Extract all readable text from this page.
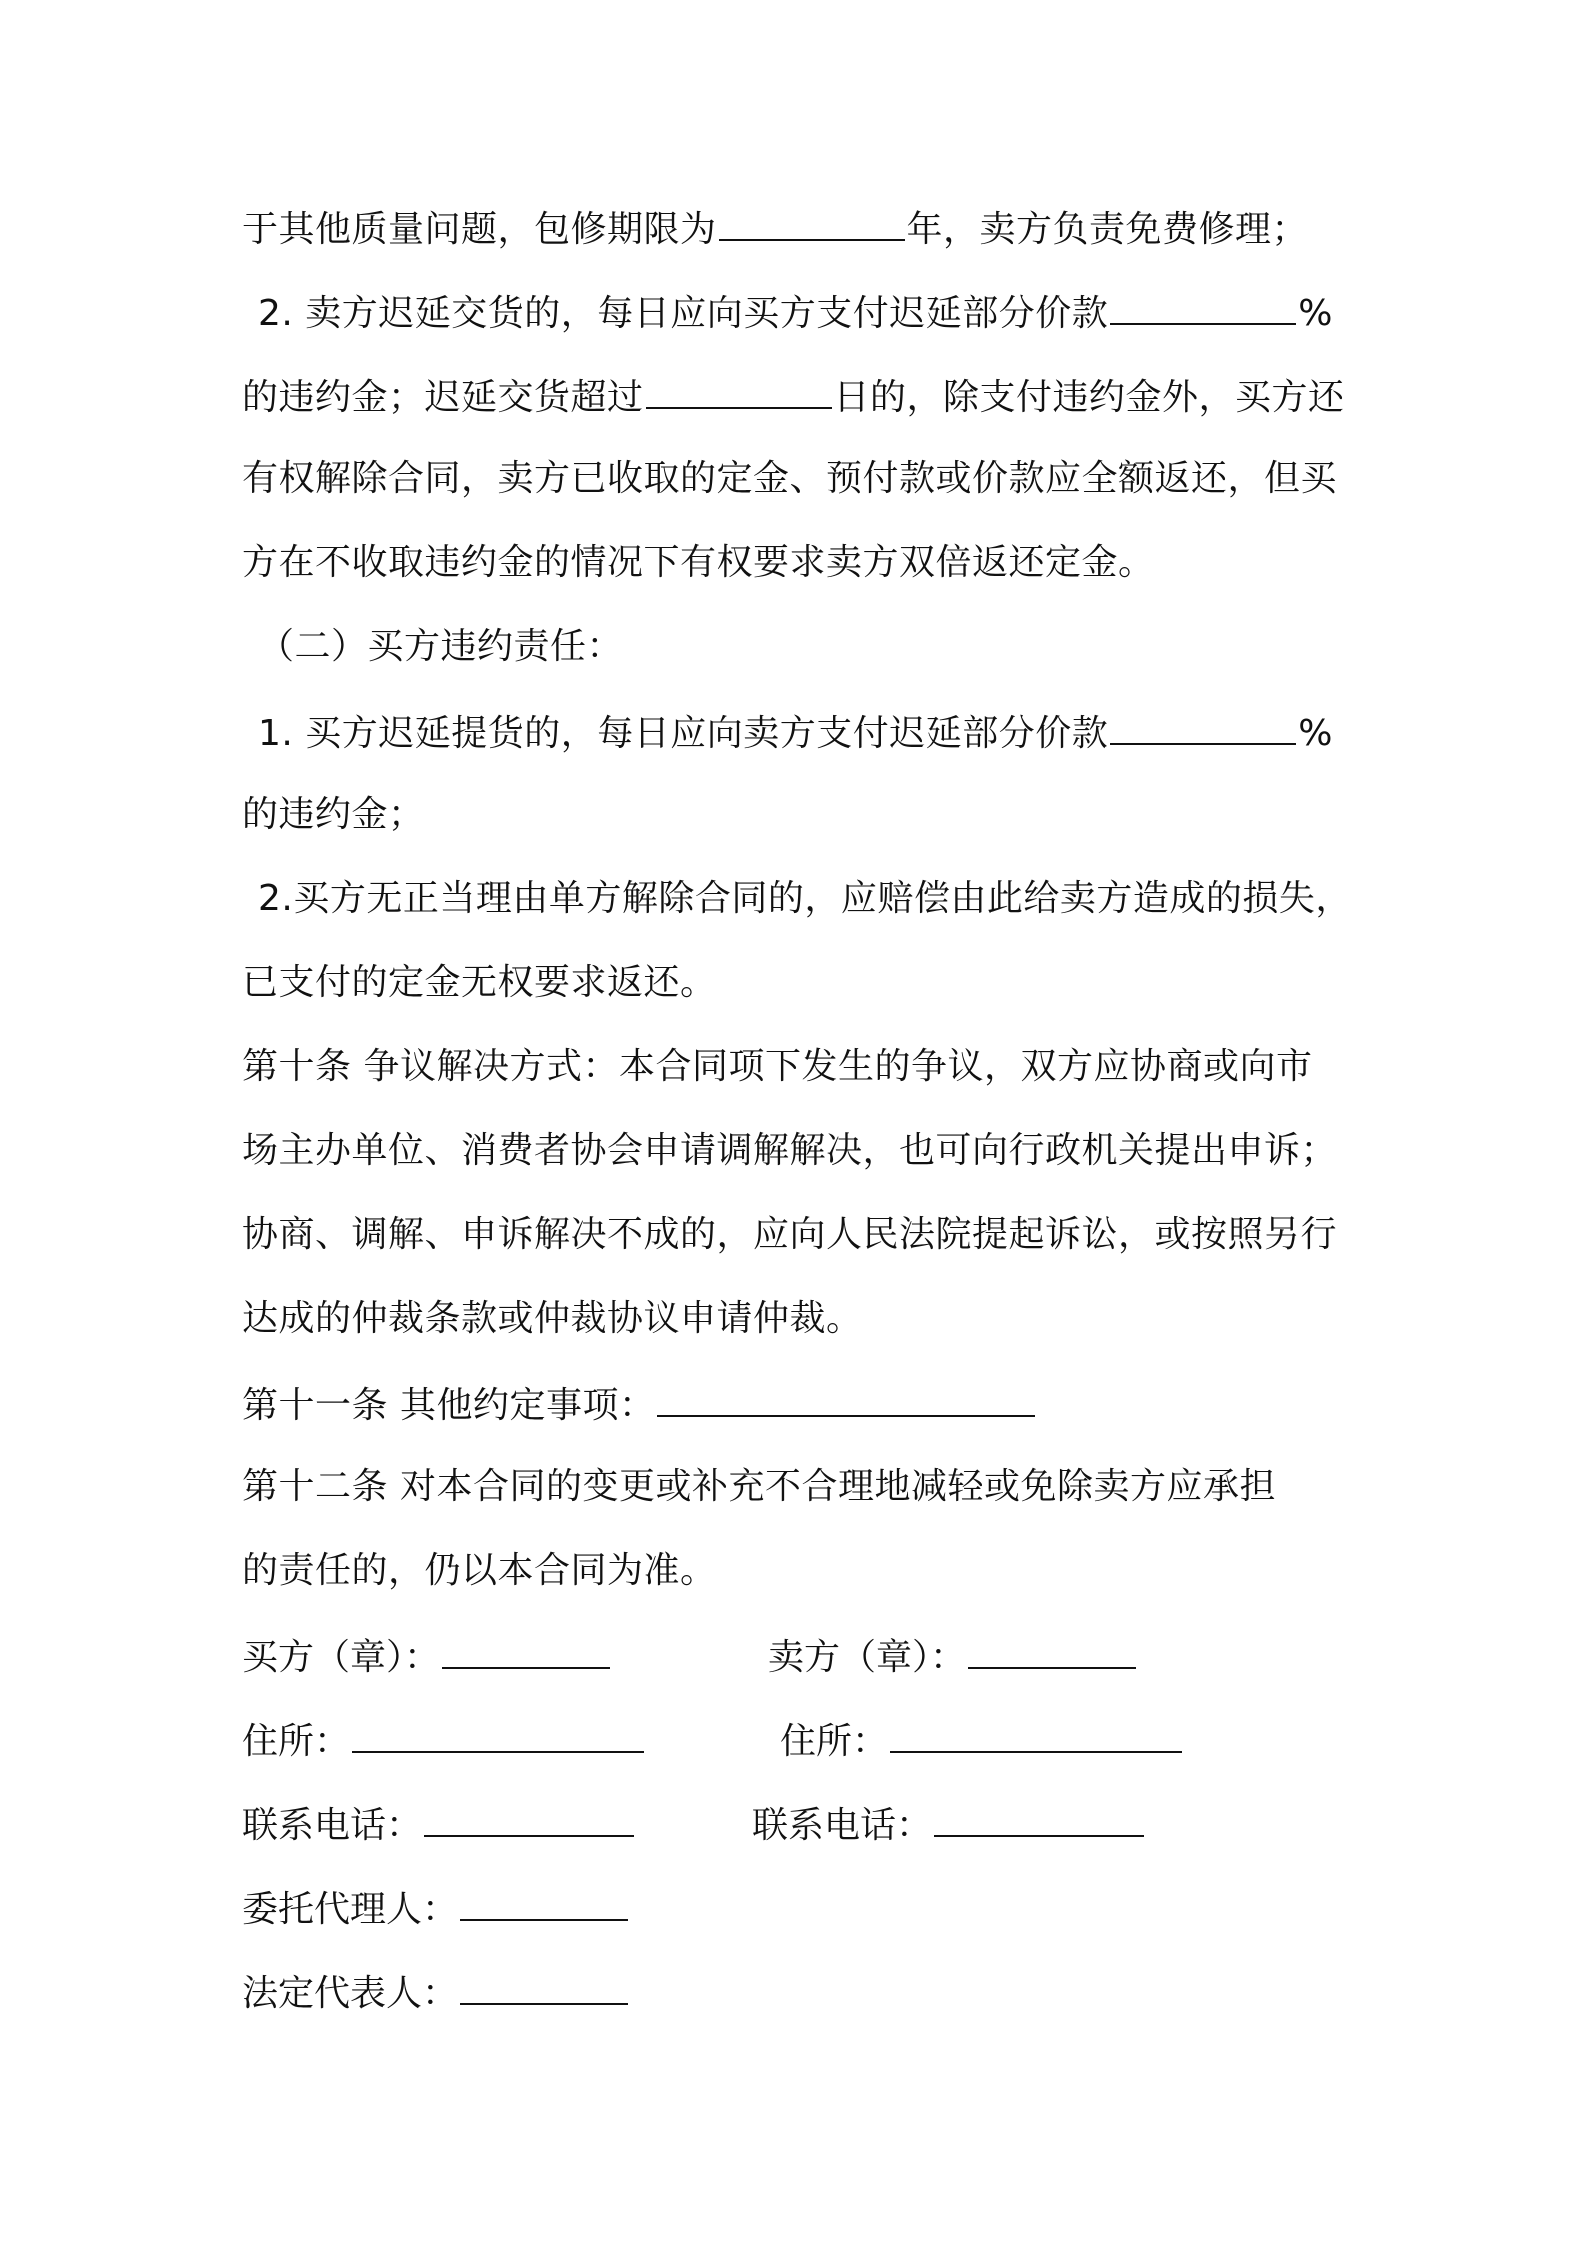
于其他质量问题，包修期限为	年，卖方负责免费修理；
2. 卖方迟延交货的，每日应向买方支付迟延部分价款	%
的违约金；迟延交货超过	日的，除支付违约金外，买方还
有权解除合同，卖方已收取的定金、预付款或价款应全额返还，但买
方在不收取违约金的情况下有权要求卖方双倍返还定金。
（二）买方违约责任：
1. 买方迟延提货的，每日应向卖方支付迟延部分价款	%
的违约金；
2.买方无正当理由单方解除合同的，应赔偿由此给卖方造成的损失，
已支付的定金无权要求返还。
第十条 争议解决方式：本合同项下发生的争议，双方应协商或向市
场主办单位、消费者协会申请调解解决，也可向行政机关提出申诉；
协商、调解、申诉解决不成的，应向人民法院提起诉讼，或按照另行
达成的仲裁条款或仲裁协议申请仲裁。
第十一条 其他约定事项：
第十二条 对本合同的变更或补充不合理地减轻或免除卖方应承担
的责任的，仍以本合同为准。
买方（章）：	卖方（章）：
住所：	住所：
联系电话：	联系电话：
委托代理人：
法定代表人：
